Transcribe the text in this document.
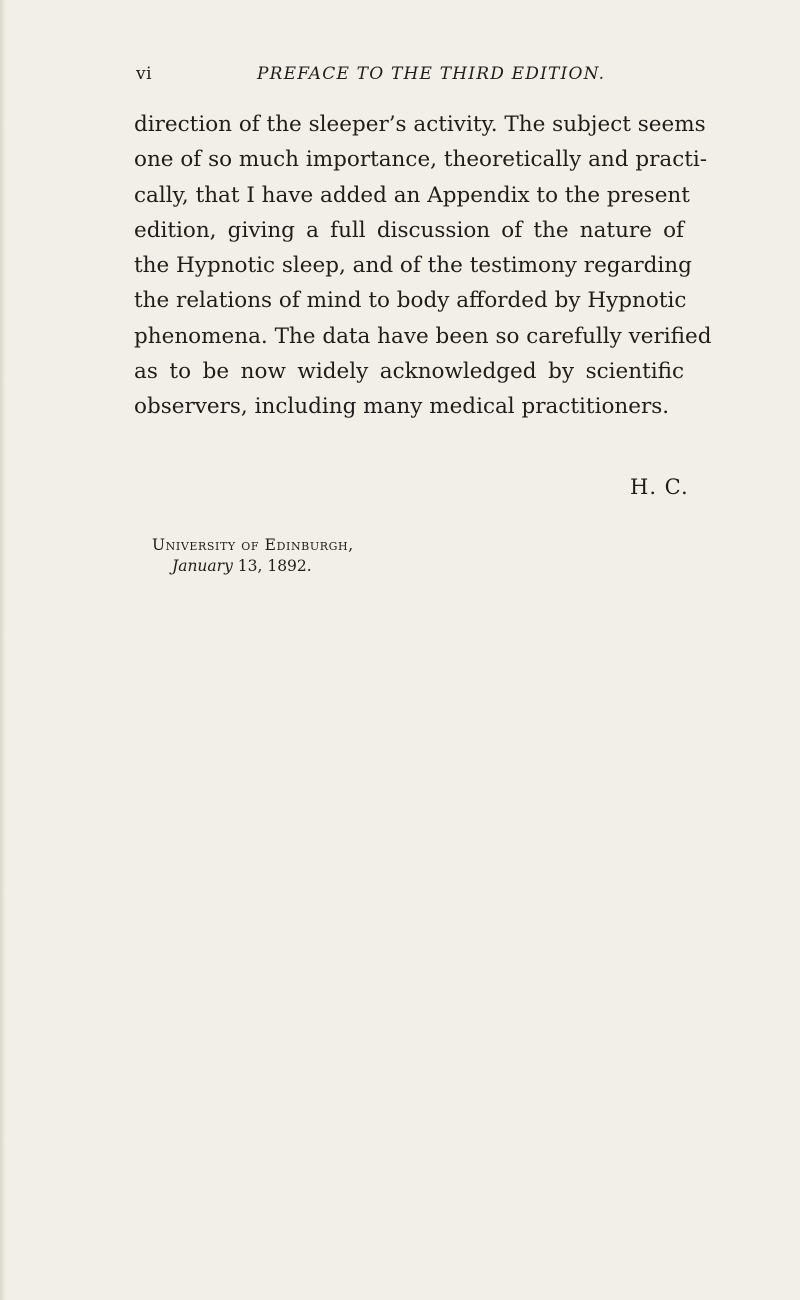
vi	PREFACE TO THE THIRD EDITION.
direction of the sleeper’s activity. The subject seems
one of so much importance, theoretically and practi-
cally, that I have added an Appendix to the present
edition, giving a full discussion of the nature of
the Hypnotic sleep, and of the testimony regarding
the relations of mind to body afforded by Hypnotic
phenomena. The data have been so carefully verified
as to be now widely acknowledged by scientific
observers, including many medical practitioners.
H. C.
University of Edinburgh,
January 13, 1892.
